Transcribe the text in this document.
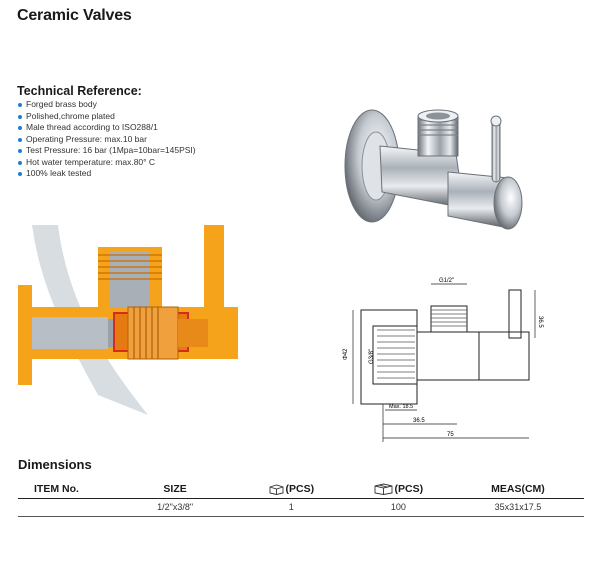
Ceramic Valves
Technical Reference:
Forged brass body
Polished,chrome plated
Male thread according to ISO288/1
Operating Pressure: max.10 bar
Test Pressure: 16 bar (1Mpa=10bar=145PSI)
Hot water temperature: max.80° C
100% leak tested
G1/2"
36.5
Φ42	G3/8"
Max. 18.5
36.5
75
Dimensions
ITEM No.	SIZE	(PCS)	(PCS)	MEAS(CM)
	1/2"x3/8"	1	100	35x31x17.5
